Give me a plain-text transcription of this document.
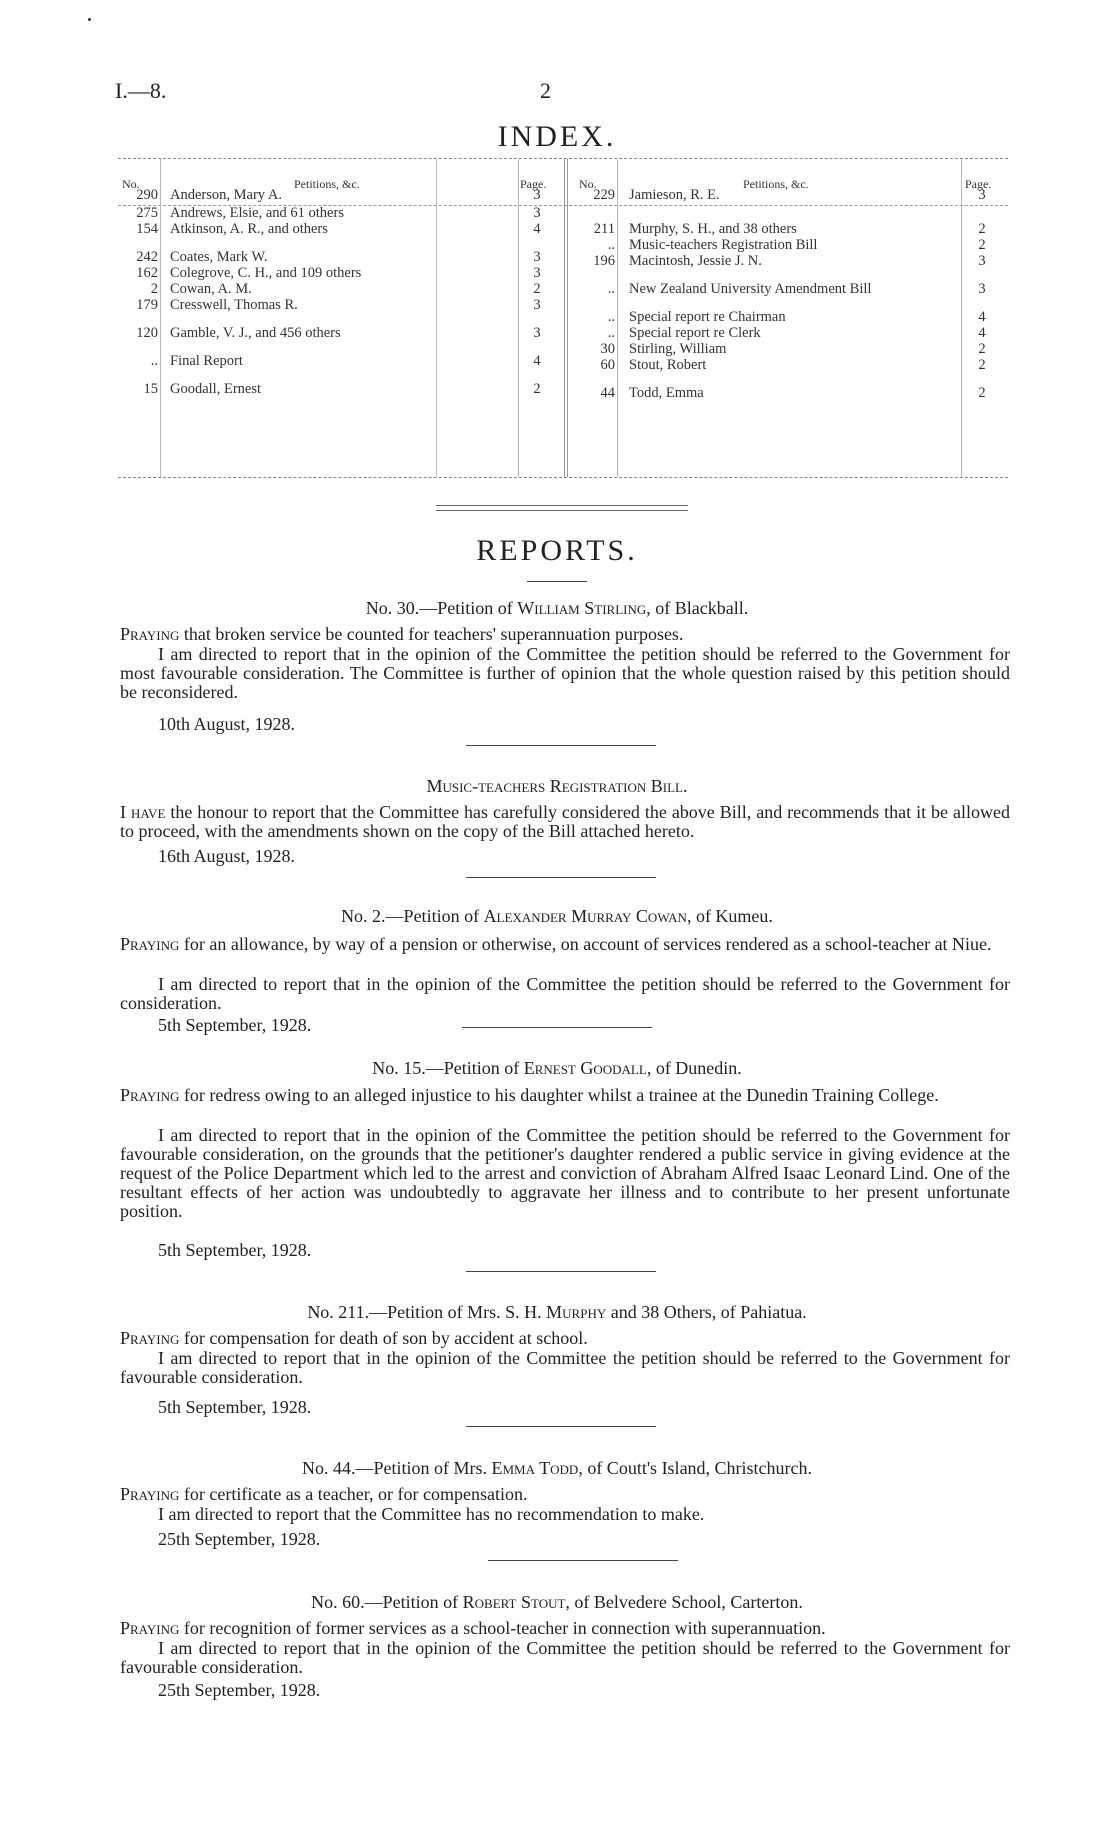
I.—8.	2
INDEX.
No.	Petitions, &c.	Page.
290 Anderson, Mary A.	3
275 Andrews, Elsie, and 61 others	3
154 Atkinson, A. R., and others	4
242 Coates, Mark W.	3
162 Colegrove, C. H., and 109 others	3
2 Cowan, A. M.	2
179 Cresswell, Thomas R.	3
120 Gamble, V. J., and 456 others	3
.. Final Report	4
15 Goodall, Ernest	2
No.	Petitions, &c.	Page.
229 Jamieson, R. E.	3
211 Murphy, S. H., and 38 others	2
.. Music-teachers Registration Bill	2
196 Macintosh, Jessie J. N.	3
.. New Zealand University Amendment Bill	3
.. Special report re Chairman	4
.. Special report re Clerk	4
30 Stirling, William	2
60 Stout, Robert	2
44 Todd, Emma	2
REPORTS.
No. 30.—Petition of William Stirling, of Blackball.
Praying that broken service be counted for teachers' superannuation purposes.
I am directed to report that in the opinion of the Committee the petition should be referred to the Government for most favourable consideration. The Committee is further of opinion that the whole question raised by this petition should be reconsidered.
10th August, 1928.
Music-teachers Registration Bill.
I have the honour to report that the Committee has carefully considered the above Bill, and recommends that it be allowed to proceed, with the amendments shown on the copy of the Bill attached hereto.
16th August, 1928.
No. 2.—Petition of Alexander Murray Cowan, of Kumeu.
Praying for an allowance, by way of a pension or otherwise, on account of services rendered as a school-teacher at Niue.
I am directed to report that in the opinion of the Committee the petition should be referred to the Government for consideration.
5th September, 1928.
No. 15.—Petition of Ernest Goodall, of Dunedin.
Praying for redress owing to an alleged injustice to his daughter whilst a trainee at the Dunedin Training College.
I am directed to report that in the opinion of the Committee the petition should be referred to the Government for favourable consideration, on the grounds that the petitioner's daughter rendered a public service in giving evidence at the request of the Police Department which led to the arrest and conviction of Abraham Alfred Isaac Leonard Lind. One of the resultant effects of her action was undoubtedly to aggravate her illness and to contribute to her present unfortunate position.
5th September, 1928.
No. 211.—Petition of Mrs. S. H. Murphy and 38 Others, of Pahiatua.
Praying for compensation for death of son by accident at school.
I am directed to report that in the opinion of the Committee the petition should be referred to the Government for favourable consideration.
5th September, 1928.
No. 44.—Petition of Mrs. Emma Todd, of Coutt's Island, Christchurch.
Praying for certificate as a teacher, or for compensation.
I am directed to report that the Committee has no recommendation to make.
25th September, 1928.
No. 60.—Petition of Robert Stout, of Belvedere School, Carterton.
Praying for recognition of former services as a school-teacher in connection with superannuation.
I am directed to report that in the opinion of the Committee the petition should be referred to the Government for favourable consideration.
25th September, 1928.
